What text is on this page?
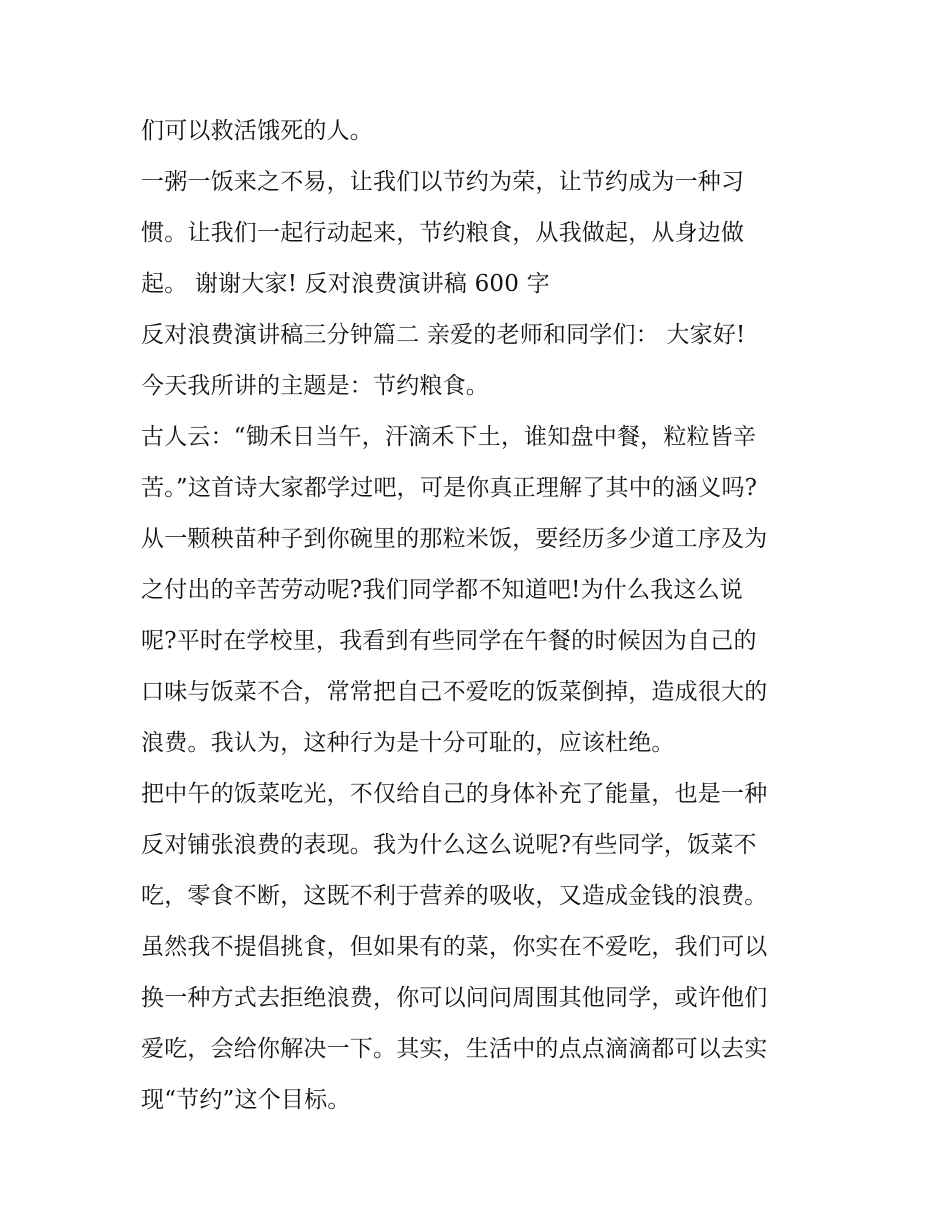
们可以救活饿死的人。
一粥一饭来之不易，让我们以节约为荣，让节约成为一种习
惯。让我们一起行动起来，节约粮食，从我做起，从身边做
起。 谢谢大家! 反对浪费演讲稿 600 字
反对浪费演讲稿三分钟篇二 亲爱的老师和同学们： 大家好!
今天我所讲的主题是：节约粮食。
古人云：“锄禾日当午，汗滴禾下土，谁知盘中餐，粒粒皆辛
苦。”这首诗大家都学过吧，可是你真正理解了其中的涵义吗?
从一颗秧苗种子到你碗里的那粒米饭，要经历多少道工序及为
之付出的辛苦劳动呢?我们同学都不知道吧!为什么我这么说
呢?平时在学校里，我看到有些同学在午餐的时候因为自己的
口味与饭菜不合，常常把自己不爱吃的饭菜倒掉，造成很大的
浪费。我认为，这种行为是十分可耻的，应该杜绝。
把中午的饭菜吃光，不仅给自己的身体补充了能量，也是一种
反对铺张浪费的表现。我为什么这么说呢?有些同学，饭菜不
吃，零食不断，这既不利于营养的吸收，又造成金钱的浪费。
虽然我不提倡挑食，但如果有的菜，你实在不爱吃，我们可以
换一种方式去拒绝浪费，你可以问问周围其他同学，或许他们
爱吃，会给你解决一下。其实，生活中的点点滴滴都可以去实
现“节约”这个目标。
